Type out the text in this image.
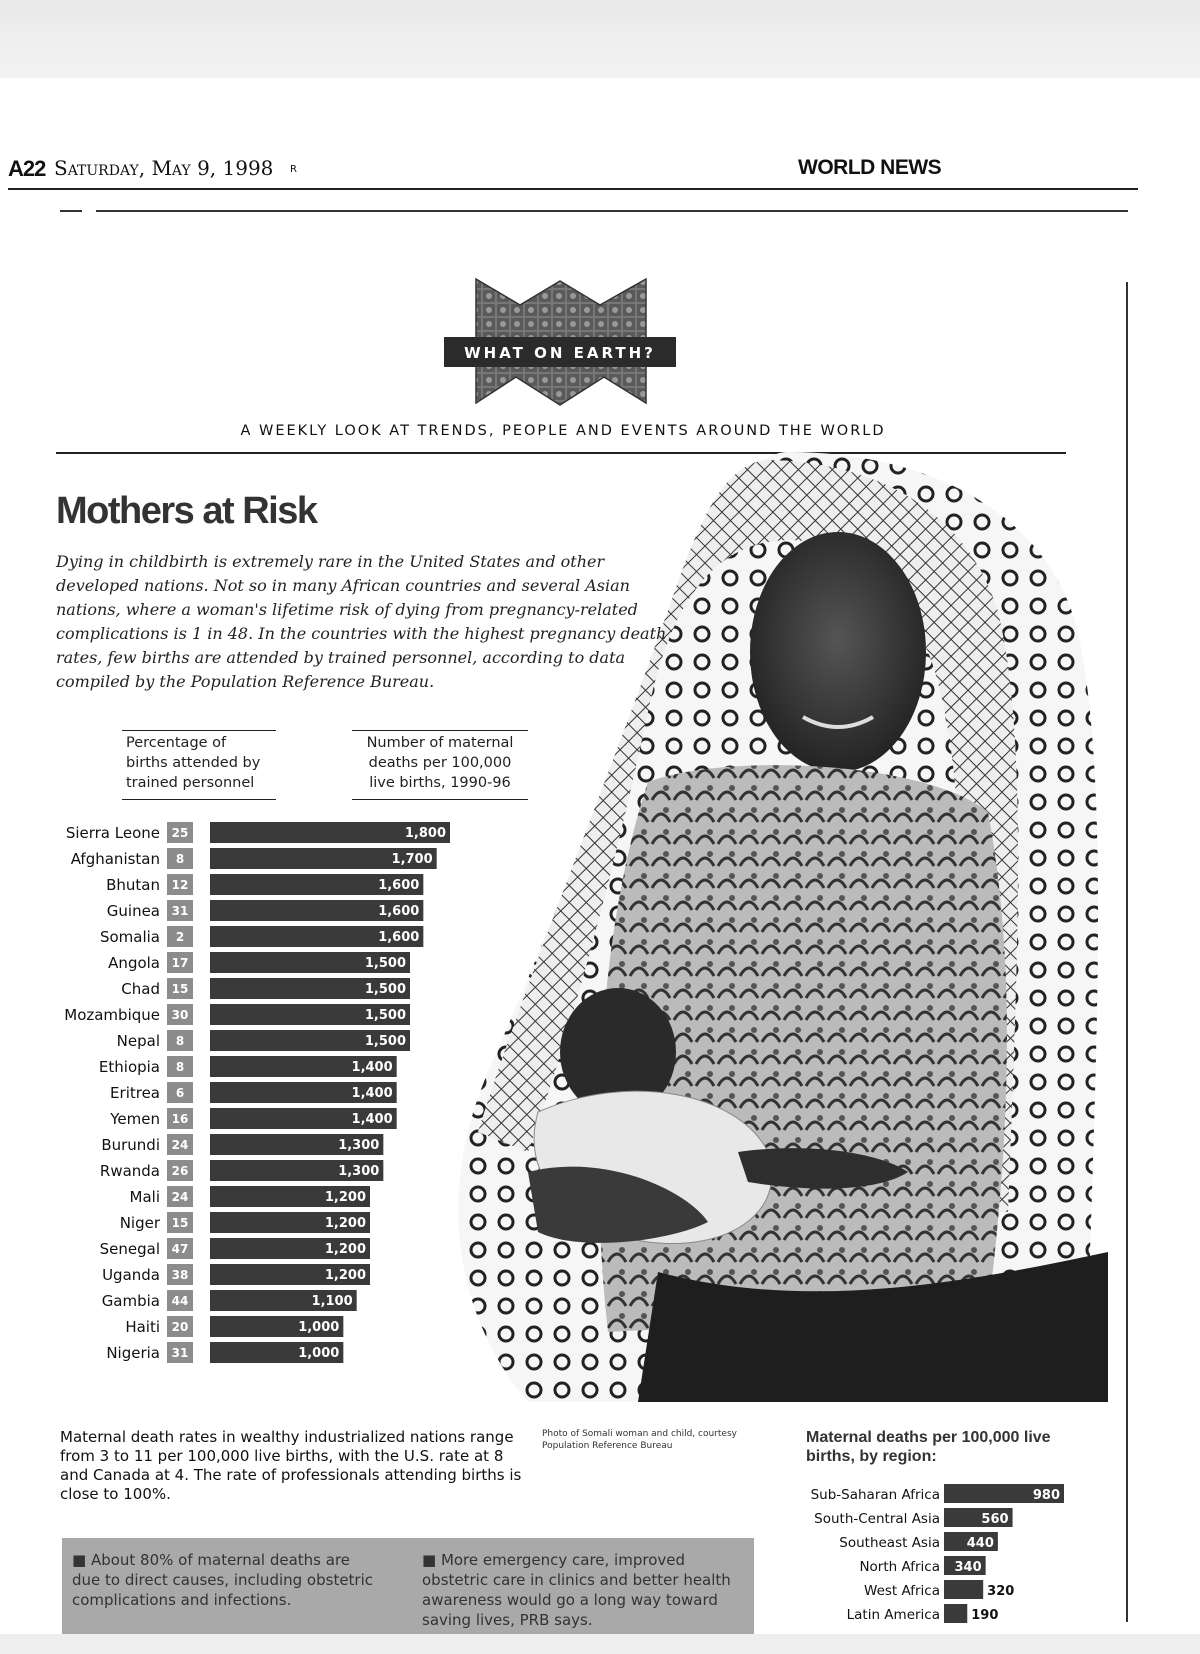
A22 Saturday, May 9, 1998 R	WORLD NEWS
WHAT ON EARTH?
A WEEKLY LOOK AT TRENDS, PEOPLE AND EVENTS AROUND THE WORLD
Mothers at Risk
Dying in childbirth is extremely rare in the United States and other developed nations. Not so in many African countries and several Asian nations, where a woman's lifetime risk of dying from pregnancy-related complications is 1 in 48. In the countries with the highest pregnancy death rates, few births are attended by trained personnel, according to data compiled by the Population Reference Bureau.
Percentage of births attended by trained personnel
Number of maternal deaths per 100,000 live births, 1990-96
Sierra Leone 25	1,800
Afghanistan 8	1,700
Bhutan 12	1,600
Guinea 31	1,600
Somalia 2	1,600
Angola 17	1,500
Chad 15	1,500
Mozambique 30	1,500
Nepal 8	1,500
Ethiopia 8	1,400
Eritrea 6	1,400
Yemen 16	1,400
Burundi 24	1,300
Rwanda 26	1,300
Mali 24	1,200
Niger 15	1,200
Senegal 47	1,200
Uganda 38	1,200
Gambia 44	1,100
Haiti 20	1,000
Nigeria 31	1,000
Maternal death rates in wealthy industrialized nations range from 3 to 11 per 100,000 live births, with the U.S. rate at 8 and Canada at 4. The rate of professionals attending births is close to 100%.
Photo of Somali woman and child, courtesy Population Reference Bureau
■ About 80% of maternal deaths are due to direct causes, including obstetric complications and infections.
■ More emergency care, improved obstetric care in clinics and better health awareness would go a long way toward saving lives, PRB says.
Maternal deaths per 100,000 live births, by region:
Sub-Saharan Africa	980
South-Central Asia	560
Southeast Asia 440
North Africa 340
West Africa	320
Latin America 190
